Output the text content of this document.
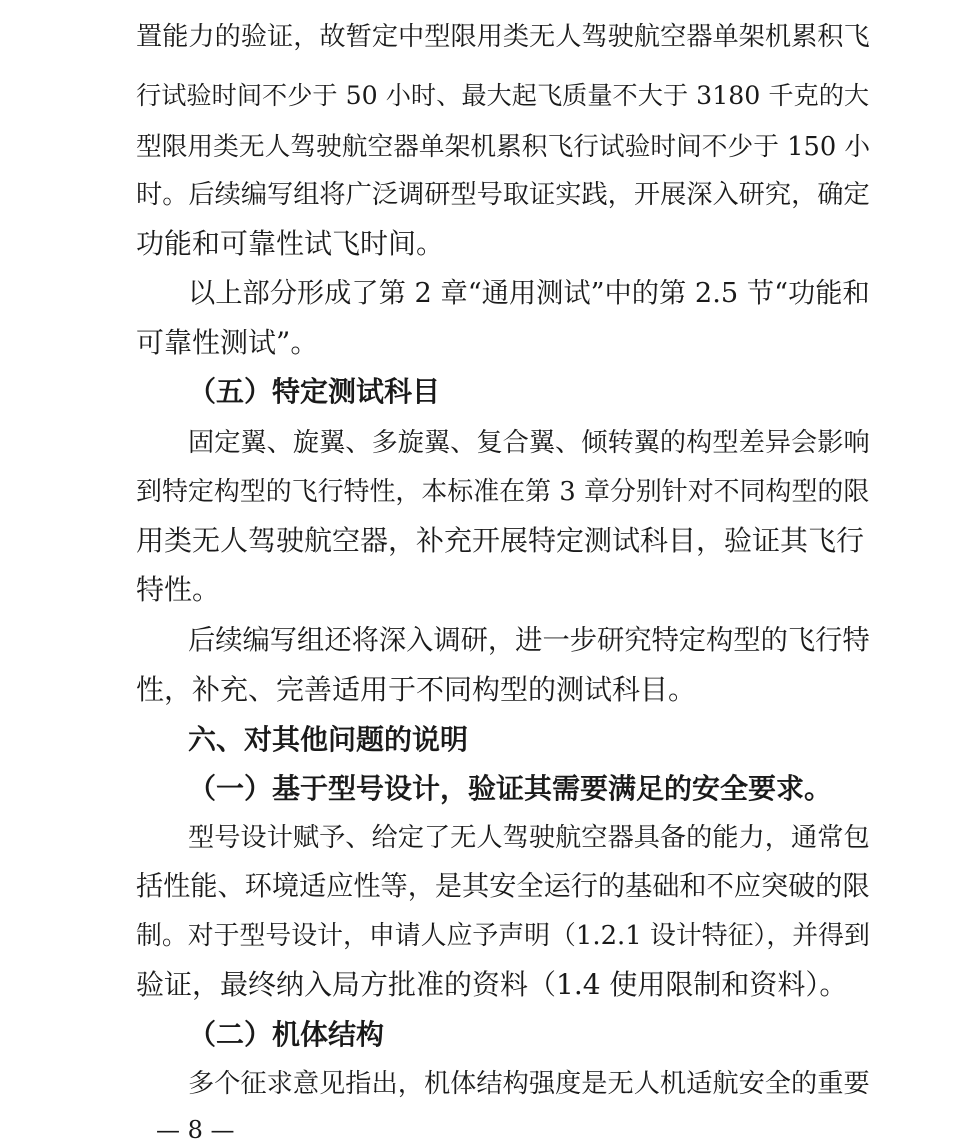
置能力的验证，故暂定中型限用类无人驾驶航空器单架机累积飞
行试验时间不少于 50 小时、最大起飞质量不大于 3180 千克的大
型限用类无人驾驶航空器单架机累积飞行试验时间不少于 150 小
时。后续编写组将广泛调研型号取证实践，开展深入研究，确定
功能和可靠性试飞时间。
以上部分形成了第 2 章“通用测试”中的第 2.5 节“功能和
可靠性测试”。
（五）特定测试科目
固定翼、旋翼、多旋翼、复合翼、倾转翼的构型差异会影响
到特定构型的飞行特性，本标准在第 3 章分别针对不同构型的限
用类无人驾驶航空器，补充开展特定测试科目，验证其飞行
特性。
后续编写组还将深入调研，进一步研究特定构型的飞行特
性，补充、完善适用于不同构型的测试科目。
六、对其他问题的说明
（一）基于型号设计，验证其需要满足的安全要求。
型号设计赋予、给定了无人驾驶航空器具备的能力，通常包
括性能、环境适应性等，是其安全运行的基础和不应突破的限
制。对于型号设计，申请人应予声明（1.2.1 设计特征），并得到
验证，最终纳入局方批准的资料（1.4 使用限制和资料）。
（二）机体结构
多个征求意见指出，机体结构强度是无人机适航安全的重要
— 8 —
